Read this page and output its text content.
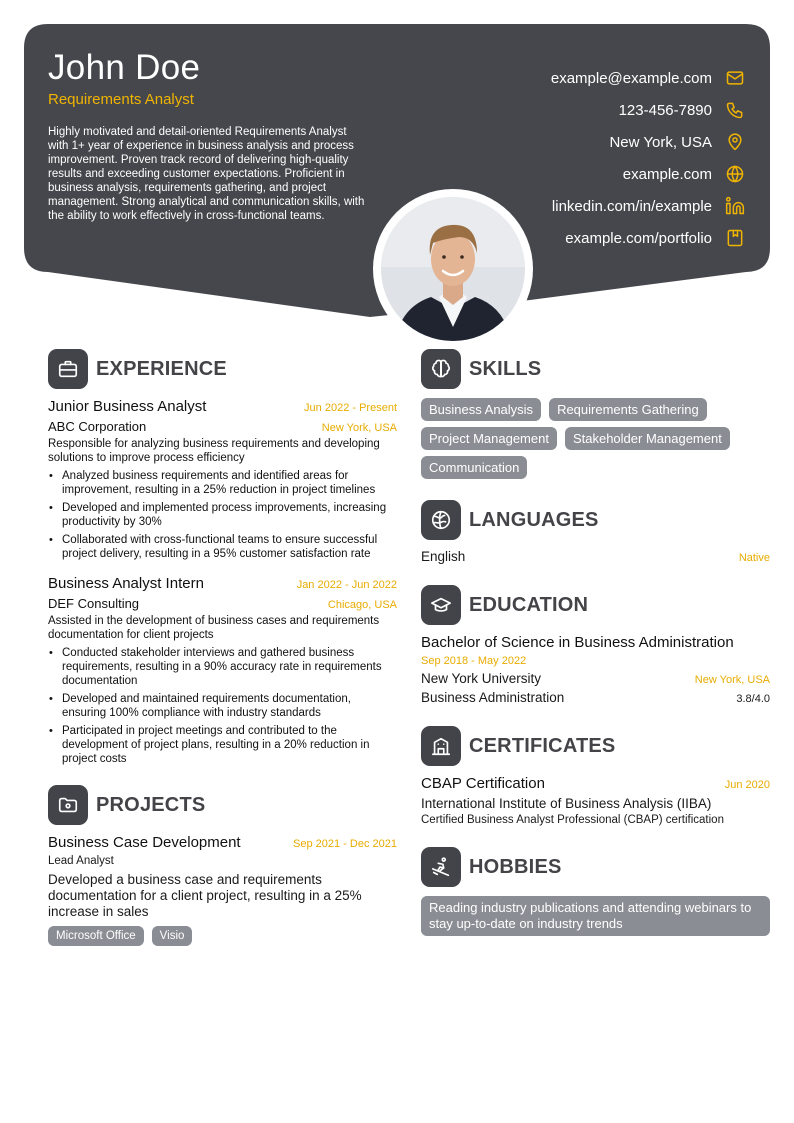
John Doe
Requirements Analyst

Highly motivated and detail-oriented Requirements Analyst with 1+ year of experience in business analysis and process improvement. Proven track record of delivering high-quality results and exceeding customer expectations. Proficient in business analysis, requirements gathering, and project management. Strong analytical and communication skills, with the ability to work effectively in cross-functional teams.

example@example.com
123-456-7890
New York, USA
example.com
linkedin.com/in/example
example.com/portfolio
EXPERIENCE
Junior Business Analyst	Jun 2022 - Present
ABC Corporation	New York, USA

Responsible for analyzing business requirements and developing solutions to improve process efficiency

• Analyzed business requirements and identified areas for improvement, resulting in a 25% reduction in project timelines
• Developed and implemented process improvements, increasing productivity by 30%
• Collaborated with cross-functional teams to ensure successful project delivery, resulting in a 95% customer satisfaction rate
Business Analyst Intern	Jan 2022 - Jun 2022
DEF Consulting	Chicago, USA

Assisted in the development of business cases and requirements documentation for client projects

• Conducted stakeholder interviews and gathered business requirements, resulting in a 90% accuracy rate in requirements documentation
• Developed and maintained requirements documentation, ensuring 100% compliance with industry standards
• Participated in project meetings and contributed to the development of project plans, resulting in a 20% reduction in project costs
PROJECTS
Business Case Development	Sep 2021 - Dec 2021
Lead Analyst

Developed a business case and requirements documentation for a client project, resulting in a 25% increase in sales

Microsoft Office	Visio
SKILLS
Business Analysis	Requirements Gathering
Project Management	Stakeholder Management
Communication
LANGUAGES
English	Native
EDUCATION
Bachelor of Science in Business Administration
Sep 2018 - May 2022
New York University	New York, USA
Business Administration	3.8/4.0
CERTIFICATES
CBAP Certification	Jun 2020
International Institute of Business Analysis (IIBA)
Certified Business Analyst Professional (CBAP) certification
HOBBIES
Reading industry publications and attending webinars to stay up-to-date on industry trends
